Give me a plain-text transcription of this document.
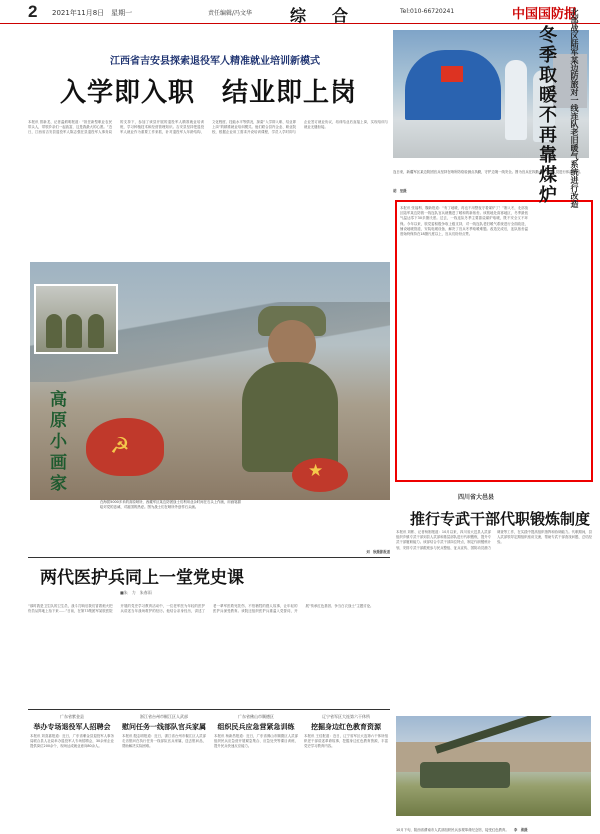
2 2021年11月8日　星期一	责任编辑/冯文华 综　合	Tel:010-66720241	中国国防报
江西省吉安县探索退役军人精准就业培训新模式
入学即入职　结业即上岗
本报讯 曾新龙、记者温炳明报道：“担任新型职业农民带头人，带领乡亲们一起致富，这是我最大的心愿。”近日，江西省吉安县退役军人陈志强在县退役军人事务局的支持下，参加了该县开展的退役军人精准就业培训班，学习种植技术和经营管理知识。吉安县坚持把退役军人就业作为重要工作来抓，针对退役军人年龄结构、文化程度、技能水平等情况，探索“入学即入职、结业即上岗”的精准就业培训模式。他们联合县内企业、职业院校，根据企业用工需求开设培训课程，学员入学时即与企业签订就业协议，培训结业后直接上岗，实现培训与就业无缝衔接。
☭
★
高原小画家
在海拔5000多米的高原哨所，西藏军区某边防团战士们利用业余时间在石头上作画，用画笔描绘对党的忠诚、对祖国的热爱。图为战士们在哨所外创作石头画。
刘　欣摄影报道
连日来，新疆军区某边防团官兵坚持在哨所防疫检测点执勤，守护边境一线安全。图为官兵在执勤点对过往人员进行体温检测。 胡　坚摄	北部战区陆军某边防旅对一线连队老旧暖气系统进行改造
冬季取暖不再靠煤炉
本报讯 张福利、魏新报道：“有了地暖，再也不用整夜守着煤炉了！”刚入冬，北部战区陆军某边防旅一线连队官兵就搬进了暖和的新宿舍。该旅地处高寒地区，冬季最低气温达零下30多摄氏度。过去，一线连队冬季主要靠烧煤炉取暖，既不安全又不环保。今年以来，旅党委积极争取上级支持，对一线连队老旧暖气系统进行全面改造，铺设地暖管道，安装电暖设备，解决了官兵冬季取暖难题。改造完成后，连队宿舍温度始终保持在18摄氏度以上，官兵们纷纷点赞。
四川省大邑县
推行专武干部代职锻炼制度
本报讯 刘彬、记者杨刚报道：10月以来，四川省大邑县人武部组织乡镇专武干部到县人武部和基层部队进行代职锻炼，提升专武干部履职能力。该部结合专武干部岗位特点，制定代职锻炼计划，安排专武干部跟班参与民兵整组、征兵宣传、国防动员潜力调查等工作，在实践中提高组织指挥和协调能力。代职期间，县人武部领导定期组织座谈交流，帮助专武干部查找问题、总结经验。
10月下旬，陕西省渭南市人武部组织民兵参观革命纪念馆，接受红色教育。 李　勇摄
两代医护兵同上一堂党史课
■朱　力　朱春雨
“那时我是卫生队的卫生员，战斗打响后我们冒着炮火把伤员从阵地上抬下来……”日前，在第73集团军某旅医院开展的党史学习教育活动中，一位老军医为年轻的医护兵讲述当年战场救护的经历。他结合亲身经历，讲述了老一辈军医救死扶伤、不怕牺牲的感人故事，让年轻的医护兵深受教育。该院还组织医护兵重温入党誓词，开展“传承红色基因、争当白衣战士”主题讨论。
广东省紫金县
举办专场退役军人招聘会
本报讯 刘喜嘉报道：近日，广东省紫金县退役军人事务局联合县人社局举办退役军人专场招聘会，30余家企业提供岗位200余个，现场达成就业意向80余人。
浙江省台州市椒江区人武部
慰问任务一线部队官兵家属
本报讯 殷志明报道：近日，浙江省台州市椒江区人武部走访慰问在执行任务一线部队官兵家属，送去慰问品，帮助解决实际困难。
广东省佛山市顺德区
组织民兵应急营紧急训练
本报讯 杨新昌报道：近日，广东省佛山市顺德区人武部组织民兵应急营开展紧急集合、应急处突等课目训练，提升民兵快速反应能力。
辽宁省军区大连第六干休所
挖掘身边红色教育资源
本报讯 王佳报道：近日，辽宁省军区大连第六干休所组织老干部讲述革命故事，挖掘身边红色教育资源，丰富党史学习教育内容。
